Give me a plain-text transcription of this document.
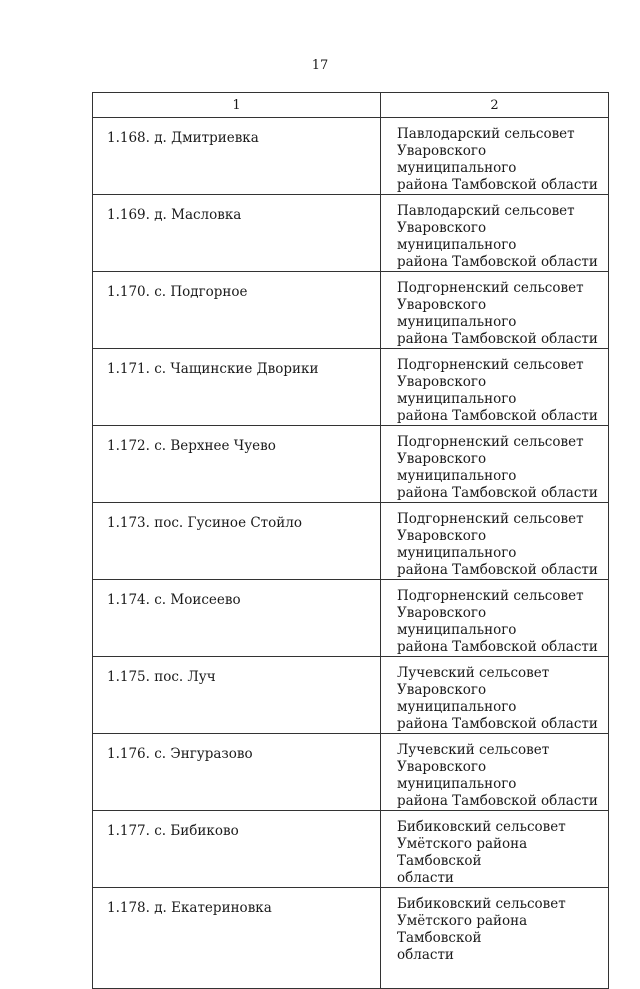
17
1	2

1.168. д. Дмитриевка	Павлодарский сельсовет
Уваровского муниципального
района Тамбовской области

1.169. д. Масловка	Павлодарский сельсовет
Уваровского муниципального
района Тамбовской области

1.170. с. Подгорное	Подгорненский сельсовет
Уваровского муниципального
района Тамбовской области

1.171. с. Чащинские Дворики	Подгорненский сельсовет
Уваровского муниципального
района Тамбовской области

1.172. с. Верхнее Чуево	Подгорненский сельсовет
Уваровского муниципального
района Тамбовской области

1.173. пос. Гусиное Стойло	Подгорненский сельсовет
Уваровского муниципального
района Тамбовской области

1.174. с. Моисеево	Подгорненский сельсовет
Уваровского муниципального
района Тамбовской области

1.175. пос. Луч	Лучевский сельсовет
Уваровского муниципального
района Тамбовской области

1.176. с. Энгуразово	Лучевский сельсовет
Уваровского муниципального
района Тамбовской области

1.177. с. Бибиково	Бибиковский сельсовет
Умётского района Тамбовской
области

1.178. д. Екатериновка	Бибиковский сельсовет
Умётского района Тамбовской
области
